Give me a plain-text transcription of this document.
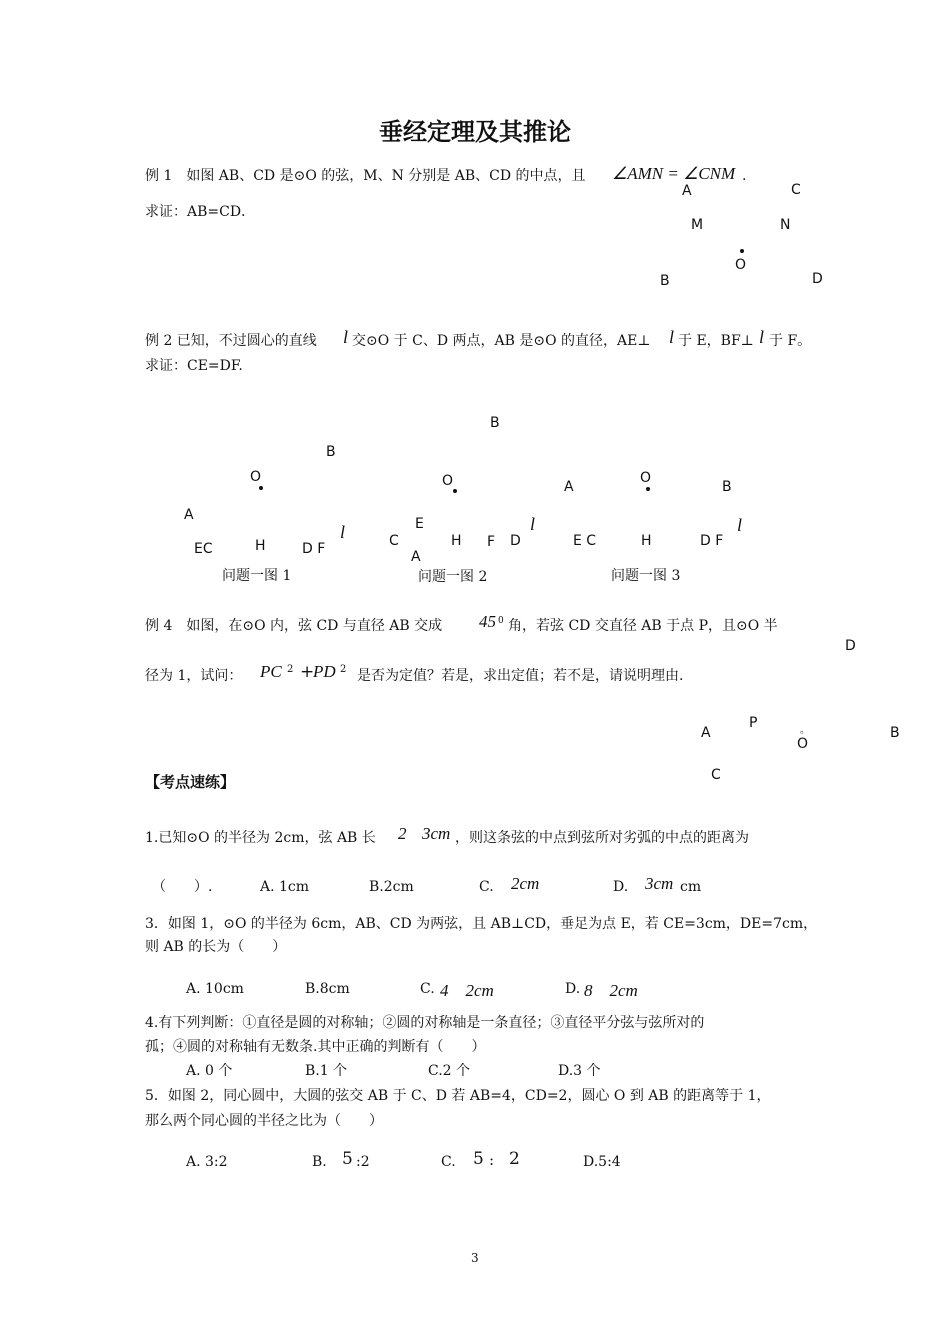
垂经定理及其推论
例 1　如图 AB、CD 是⊙O 的弦，M、N 分别是 AB、CD 的中点，且 ∠AMN = ∠CNM .
求证：AB=CD．
A	C
M	N
O
B	D
例 2 已知，不过圆心的直线 l 交⊙O 于 C、D 两点，AB 是⊙O 的直径，AE⊥ l 于 E，BF⊥ l 于 F。
求证：CE=DF.
B
O
A
EC	H	D F
l
问题一图 1
B
O
E
C
A
H F D
l
问题一图 2
A
O
B
E C	H	D F
l
问题一图 3
例 4　如图，在⊙O 内，弦 CD 与直径 AB 交成 45 0 角，若弦 CD 交直径 AB 于点 P，且⊙O 半
D
径为 1，试问： PC 2 +
PD 2 是否为定值？若是，求出定值；若不是，请说明理由.
A
P	。
O
B
C
【考点速练】
1.已知⊙O 的半径为 2cm，弦 AB 长 2 3cm ，则这条弦的中点到弦所对劣弧的中点的距离为
（　　）.	A. 1cm	B.2cm	C. 2cm	D. 3cm cm
3．如图 1，⊙O 的半径为 6cm，AB、CD 为两弦，且 AB⊥CD，垂足为点 E，若 CE=3cm，DE=7cm，
则 AB 的长为（　　）
A. 10cm	B.8cm	C. 4　2cm	D. 8　2cm
4.有下列判断：①直径是圆的对称轴；②圆的对称轴是一条直径；③直径平分弦与弦所对的
孤；④圆的对称轴有无数条.其中正确的判断有（　　）
A. 0 个	B.1 个	C.2 个	D.3 个
5．如图 2，同心圆中，大圆的弦交 AB 于 C、D 若 AB=4，CD=2，圆心 O 到 AB 的距离等于 1，
那么两个同心圆的半径之比为（　　）
A. 3:2	B. 5 :2	C. 5 : 2	D.5:4
3
